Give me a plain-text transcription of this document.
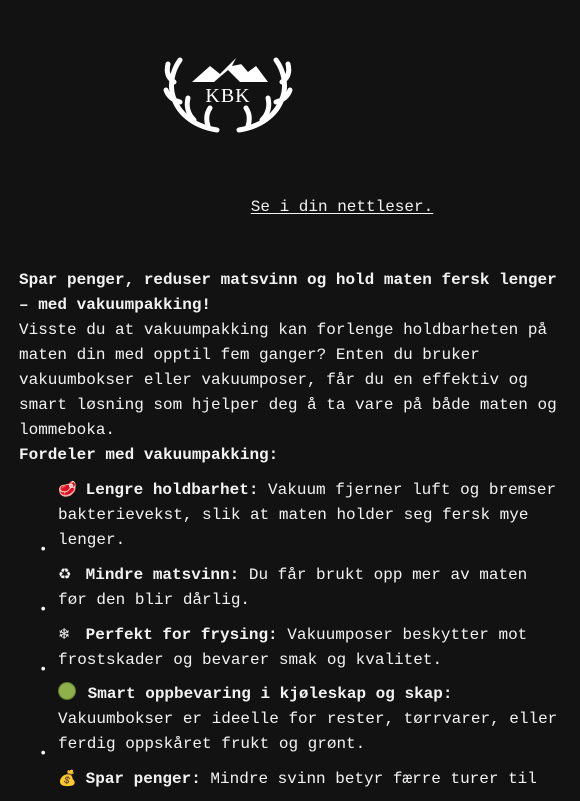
KBK
Se i din nettleser.

Spar penger, reduser matsvinn og hold maten fersk lenger – med vakuumpakking!

Visste du at vakuumpakking kan forlenge holdbarheten på maten din med opptil fem ganger? Enten du bruker vakuumbokser eller vakuumposer, får du en effektiv og smart løsning som hjelper deg å ta vare på både maten og lommeboka.

Fordeler med vakuumpakking:

🥩 Lengre holdbarhet: Vakuum fjerner luft og bremser bakterievekst, slik at maten holder seg fersk mye lenger.
•
♻ Mindre matsvinn: Du får brukt opp mer av maten før den blir dårlig.
•
❄ Perfekt for frysing: Vakuumposer beskytter mot frostskader og bevarer smak og kvalitet.
•
Smart oppbevaring i kjøleskap og skap: Vakuumbokser er ideelle for rester, tørrvarer, eller ferdig oppskåret frukt og grønt.
•
💰 Spar penger: Mindre svinn betyr færre turer til
